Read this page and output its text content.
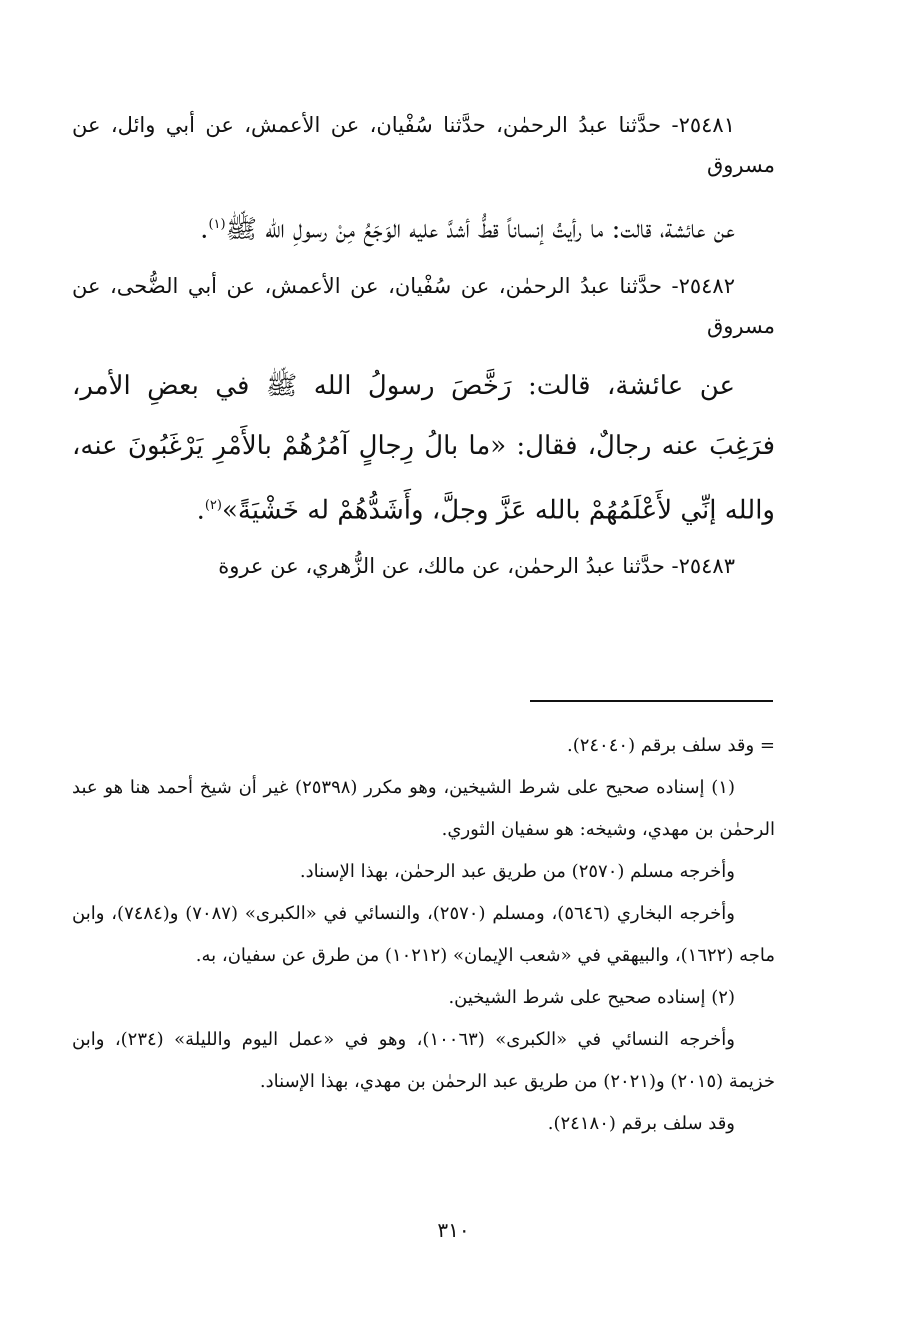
٢٥٤٨١- حدَّثنا عبدُ الرحمٰن، حدَّثنا سُفْيان، عن الأعمش، عن أبي وائل، عن مسروق

عن عائشة، قالت: ما رأيتُ إنساناً قطُّ أشدَّ عليه الوَجَعُ مِنْ رسولِ الله ﷺ$^{(١)}$.

٢٥٤٨٢- حدَّثنا عبدُ الرحمٰن، عن سُفْيان، عن الأعمش، عن أبي الضُّحى، عن مسروق

عن عائشة، قالت: رَخَّصَ رسولُ الله ﷺ في بعضِ الأمر، فرَغِبَ عنه رجالٌ، فقال: «ما بالُ رِجالٍ آمُرُهُمْ بالأَمْرِ يَرْغَبُونَ عنه، والله إنِّي لأَعْلَمُهُمْ بالله عَزَّ وجلَّ، وأَشَدُّهُمْ له خَشْيَةً»$^{(٢)}$.

٢٥٤٨٣- حدَّثنا عبدُ الرحمٰن، عن مالك، عن الزُّهري، عن عروة

= وقد سلف برقم (٢٤٠٤٠).

(١) إسناده صحيح على شرط الشيخين، وهو مكرر (٢٥٣٩٨) غير أن شيخ أحمد هنا هو عبد الرحمٰن بن مهدي، وشيخه: هو سفيان الثوري.

وأخرجه مسلم (٢٥٧٠) من طريق عبد الرحمٰن، بهذا الإسناد.

وأخرجه البخاري (٥٦٤٦)، ومسلم (٢٥٧٠)، والنسائي في «الكبرى» (٧٠٨٧) و(٧٤٨٤)، وابن ماجه (١٦٢٢)، والبيهقي في «شعب الإيمان» (١٠٢١٢) من طرق عن سفيان، به.

(٢) إسناده صحيح على شرط الشيخين.

وأخرجه النسائي في «الكبرى» (١٠٠٦٣)، وهو في «عمل اليوم والليلة» (٢٣٤)، وابن خزيمة (٢٠١٥) و(٢٠٢١) من طريق عبد الرحمٰن بن مهدي، بهذا الإسناد.

وقد سلف برقم (٢٤١٨٠).

٣١٠
